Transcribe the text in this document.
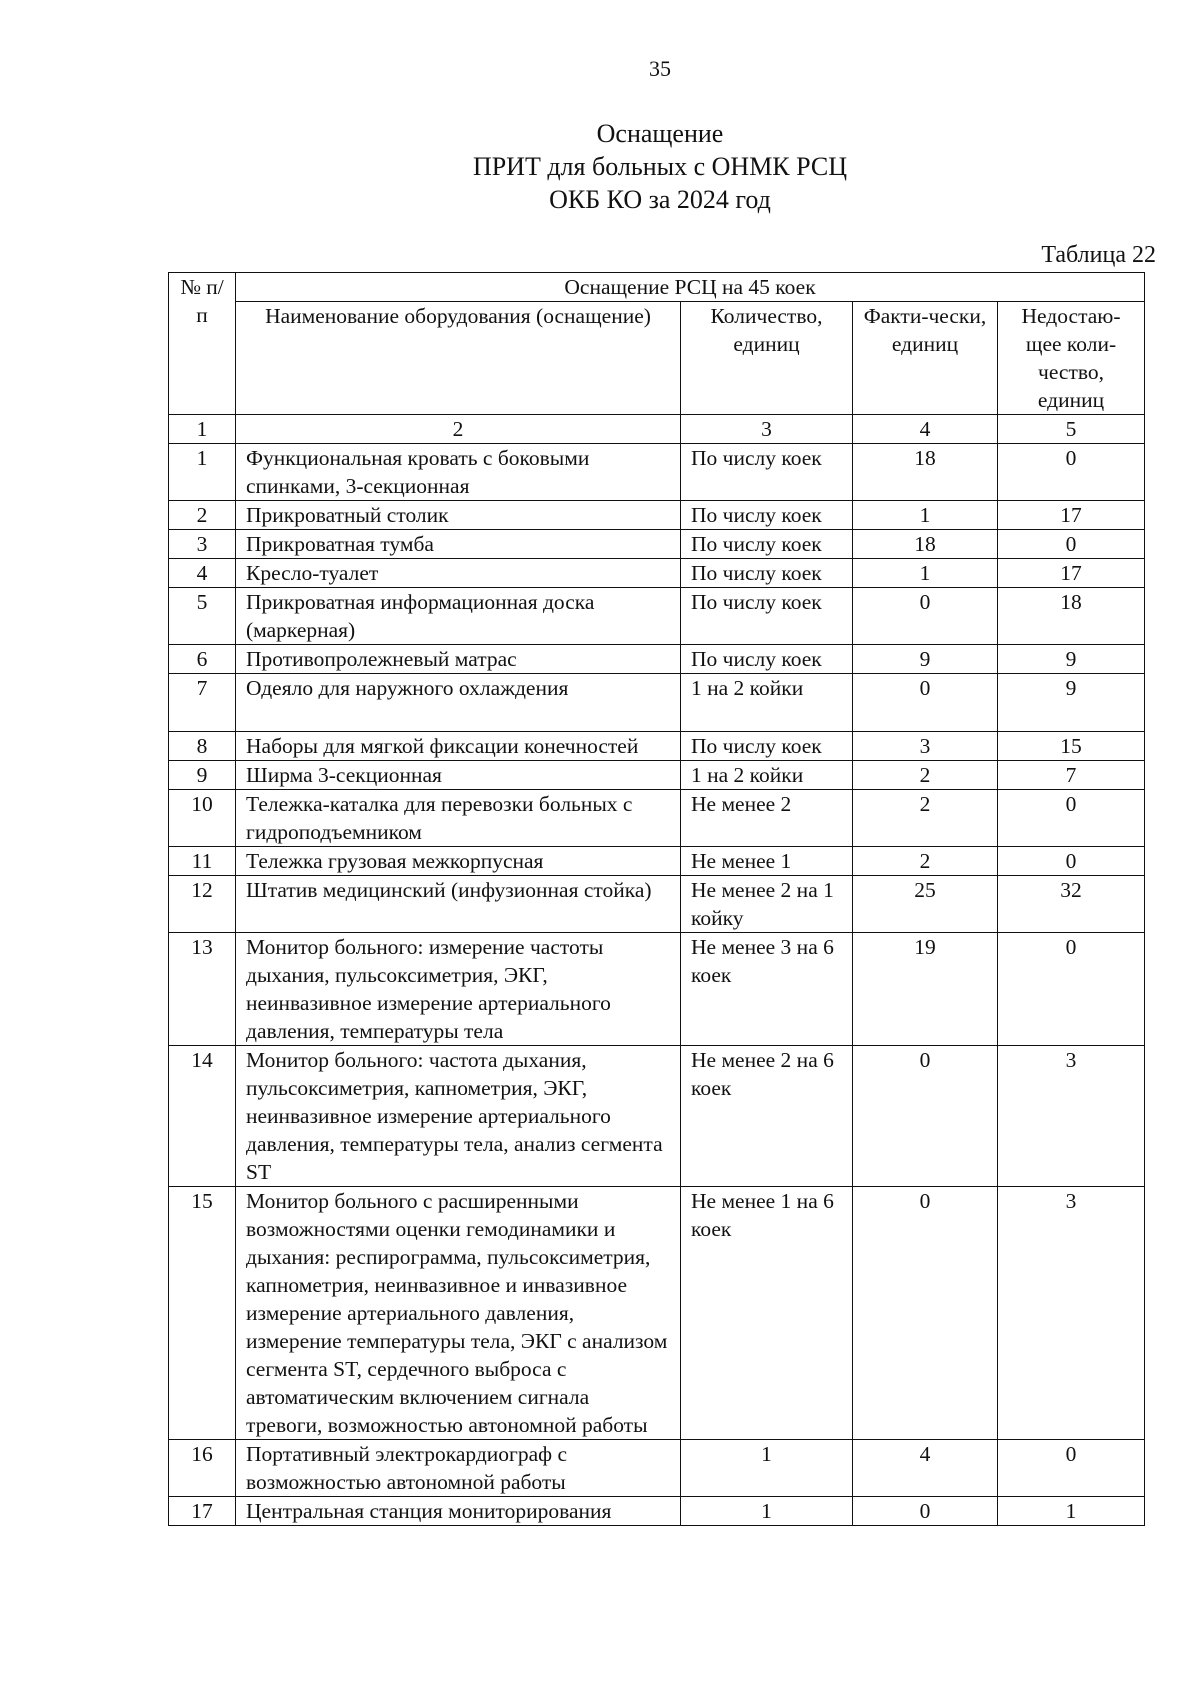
35
Оснащение
ПРИТ для больных с ОНМК РСЦ
ОКБ КО за 2024 год
Таблица 22
№ п/п	Оснащение РСЦ на 45 коек			
	Наименование оборудования (оснащение)	Количество, единиц	Факти-чески, единиц	Недостаю-щее коли-чество, единиц
1	2	3	4	5
1	Функциональная кровать с боковыми спинками, 3-секционная	По числу коек	18	0
2	Прикроватный столик	По числу коек	1	17
3	Прикроватная тумба	По числу коек	18	0
4	Кресло-туалет	По числу коек	1	17
5	Прикроватная информационная доска (маркерная)	По числу коек	0	18
6	Противопролежневый матрас	По числу коек	9	9
7	Одеяло для наружного охлаждения	1 на 2 койки	0	9
8	Наборы для мягкой фиксации конечностей	По числу коек	3	15
9	Ширма 3-секционная	1 на 2 койки	2	7
10	Тележка-каталка для перевозки больных с гидроподъемником	Не менее 2	2	0
11	Тележка грузовая межкорпусная	Не менее 1	2	0
12	Штатив медицинский (инфузионная стойка)	Не менее 2 на 1 койку	25	32
13	Монитор больного: измерение частоты дыхания, пульсоксиметрия, ЭКГ, неинвазивное измерение артериального давления, температуры тела	Не менее 3 на 6 коек	19	0
14	Монитор больного: частота дыхания, пульсоксиметрия, капнометрия, ЭКГ, неинвазивное измерение артериального давления, температуры тела, анализ сегмента ST	Не менее 2 на 6 коек	0	3
15	Монитор больного с расширенными возможностями оценки гемодинамики и дыхания: респирограмма, пульсоксиметрия, капнометрия, неинвазивное и инвазивное измерение артериального давления, измерение температуры тела, ЭКГ с анализом сегмента ST, сердечного выброса с автоматическим включением сигнала тревоги, возможностью автономной работы	Не менее 1 на 6 коек	0	3
16	Портативный электрокардиограф с возможностью автономной работы	1	4	0
17	Центральная станция мониторирования	1	0	1
